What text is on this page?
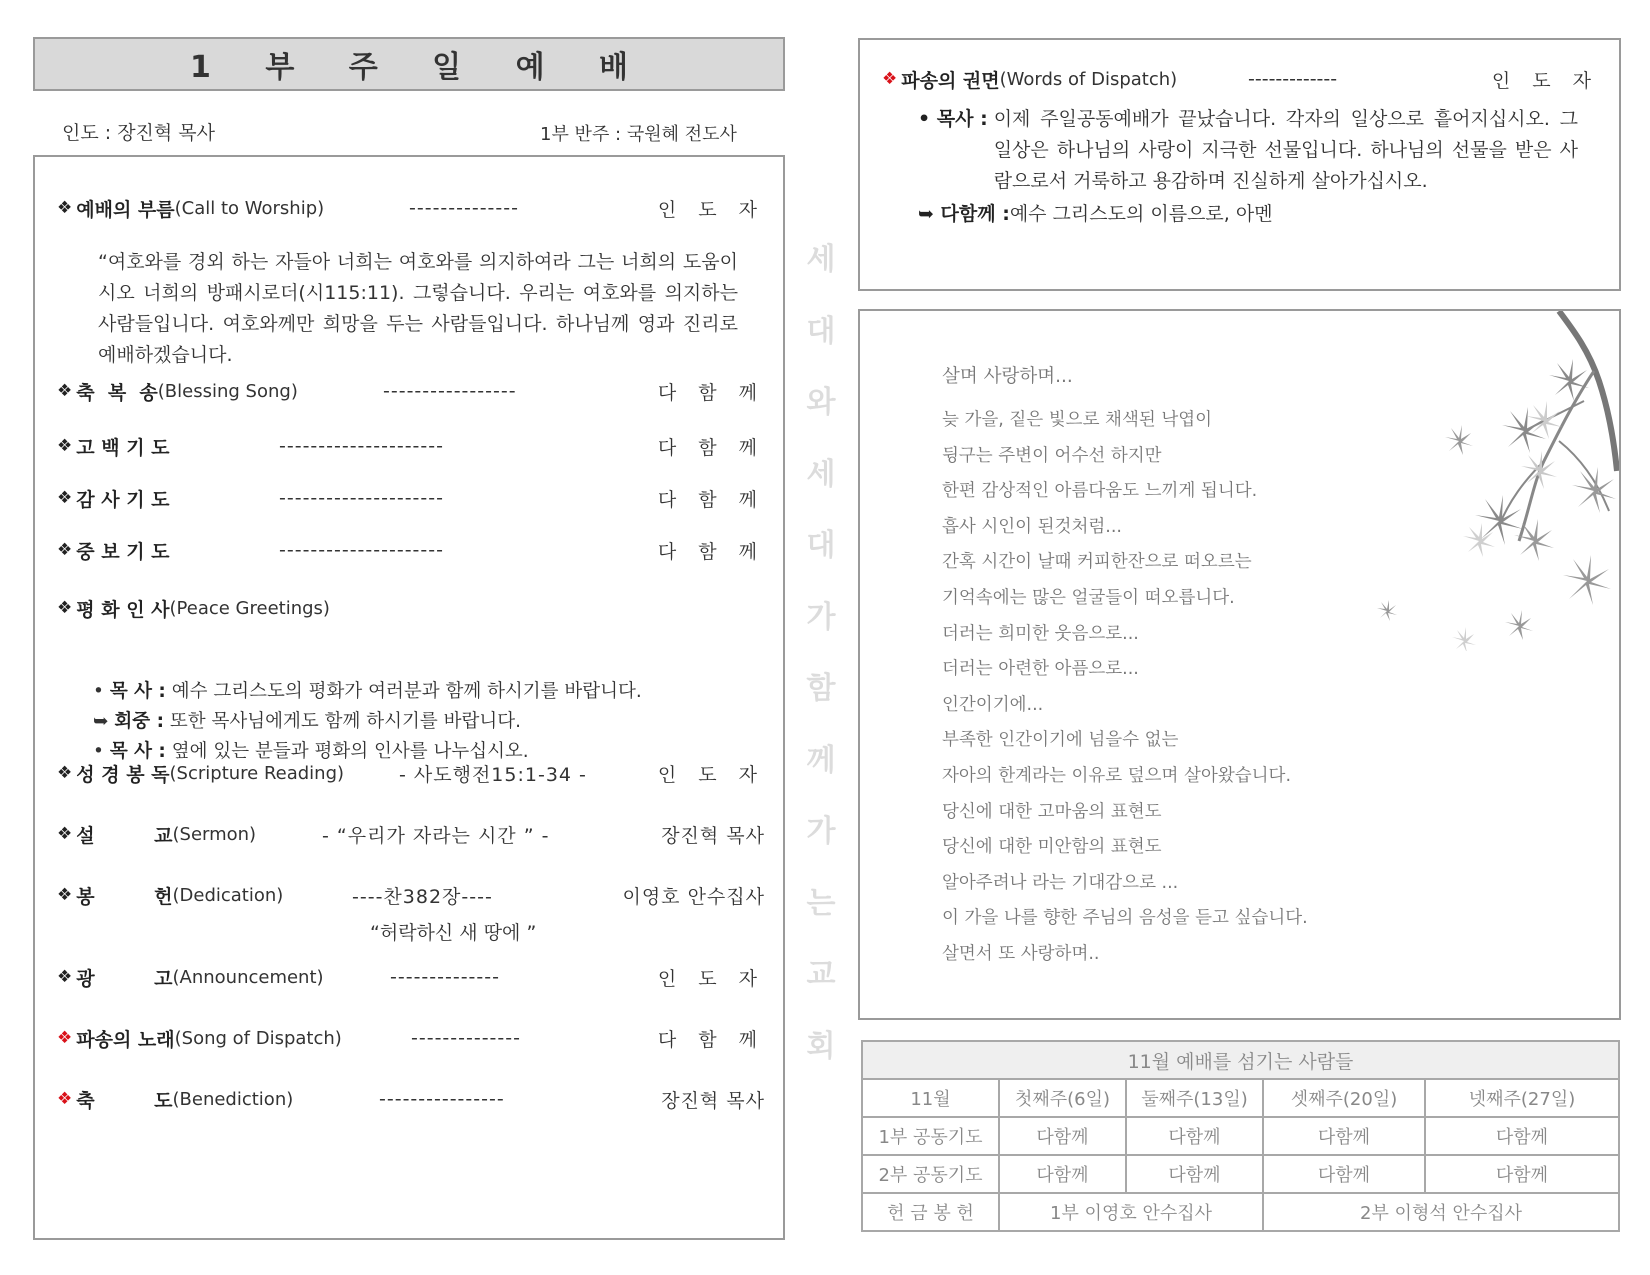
1 부 주 일 예 배
인도 : 장진혁 목사	1부 반주 : 국원혜 전도사
❖ 예배의 부름 (Call to Worship)	--------------	인 도 자
“여호와를 경외 하는 자들아 너희는 여호와를 의지하여라 그는 너희의 도움이시오 너희의 방패시로더(시115:11). 그렇습니다. 우리는 여호와를 의지하는 사람들입니다. 여호와께만 희망을 두는 사람들입니다. 하나님께 영과 진리로 예배하겠습니다.
❖ 축  복  송 (Blessing Song)	-----------------	다 함 께
❖ 고 백 기 도	---------------------	다 함 께
❖ 감 사 기 도	---------------------	다 함 께
❖ 중 보 기 도	---------------------	다 함 께
❖ 평 화 인 사 (Peace Greetings)
• 목 사 : 예수 그리스도의 평화가 여러분과 함께 하시기를 바랍니다.
➥ 회중 : 또한 목사님에게도 함께 하시기를 바랍니다.
• 목 사 : 옆에 있는 분들과 평화의 인사를 나누십시오.
❖ 성 경 봉 독 (Scripture Reading)	- 사도행전15:1-34 -	인 도 자
❖ 설         교 (Sermon)	- “우리가 자라는 시간 ” -	장진혁 목사
❖ 봉         헌 (Dedication)	----찬382장----	이영호 안수집사
“허락하신 새 땅에 ”
❖ 광         고 (Announcement)	--------------	인 도 자
❖ 파송의 노래 (Song of Dispatch)	--------------	다 함 께
❖ 축         도 (Benediction)	----------------	장진혁 목사
세
대
와
세
대
가
함
께
가
는
교
회
❖ 파송의 권면 (Words of Dispatch)	-------------	인 도 자
• 목사 : 이제 주일공동예배가 끝났습니다. 각자의 일상으로 흩어지십시오. 그 일상은 하나님의 사랑이 지극한 선물입니다. 하나님의 선물을 받은 사람으로서 거룩하고 용감하며 진실하게 살아가십시오.
➥ 다함께 : 예수 그리스도의 이름으로, 아멘
살며 사랑하며...
늦 가을, 짙은 빛으로 채색된 낙엽이
뒹구는 주변이 어수선 하지만
한편 감상적인 아름다움도 느끼게 됩니다.
흡사 시인이 된것처럼...
간혹 시간이 날때 커피한잔으로 떠오르는
기억속에는 많은 얼굴들이 떠오릅니다.
더러는 희미한 웃음으로...
더러는 아련한 아픔으로...
인간이기에...
부족한 인간이기에 넘을수 없는
자아의 한계라는 이유로 덮으며 살아왔습니다.
당신에 대한 고마움의 표현도
당신에 대한 미안함의 표현도
알아주려나 라는 기대감으로 ...
이 가을 나를 향한 주님의 음성을 듣고 싶습니다.
살면서 또 사랑하며..
11월 예배를 섬기는 사람들				
11월	첫째주(6일)	둘째주(13일)	셋째주(20일)	넷째주(27일)
1부 공동기도	다함께	다함께	다함께	다함께
2부 공동기도	다함께	다함께	다함께	다함께
헌 금 봉 헌	1부 이영호 안수집사		2부 이형석 안수집사	
